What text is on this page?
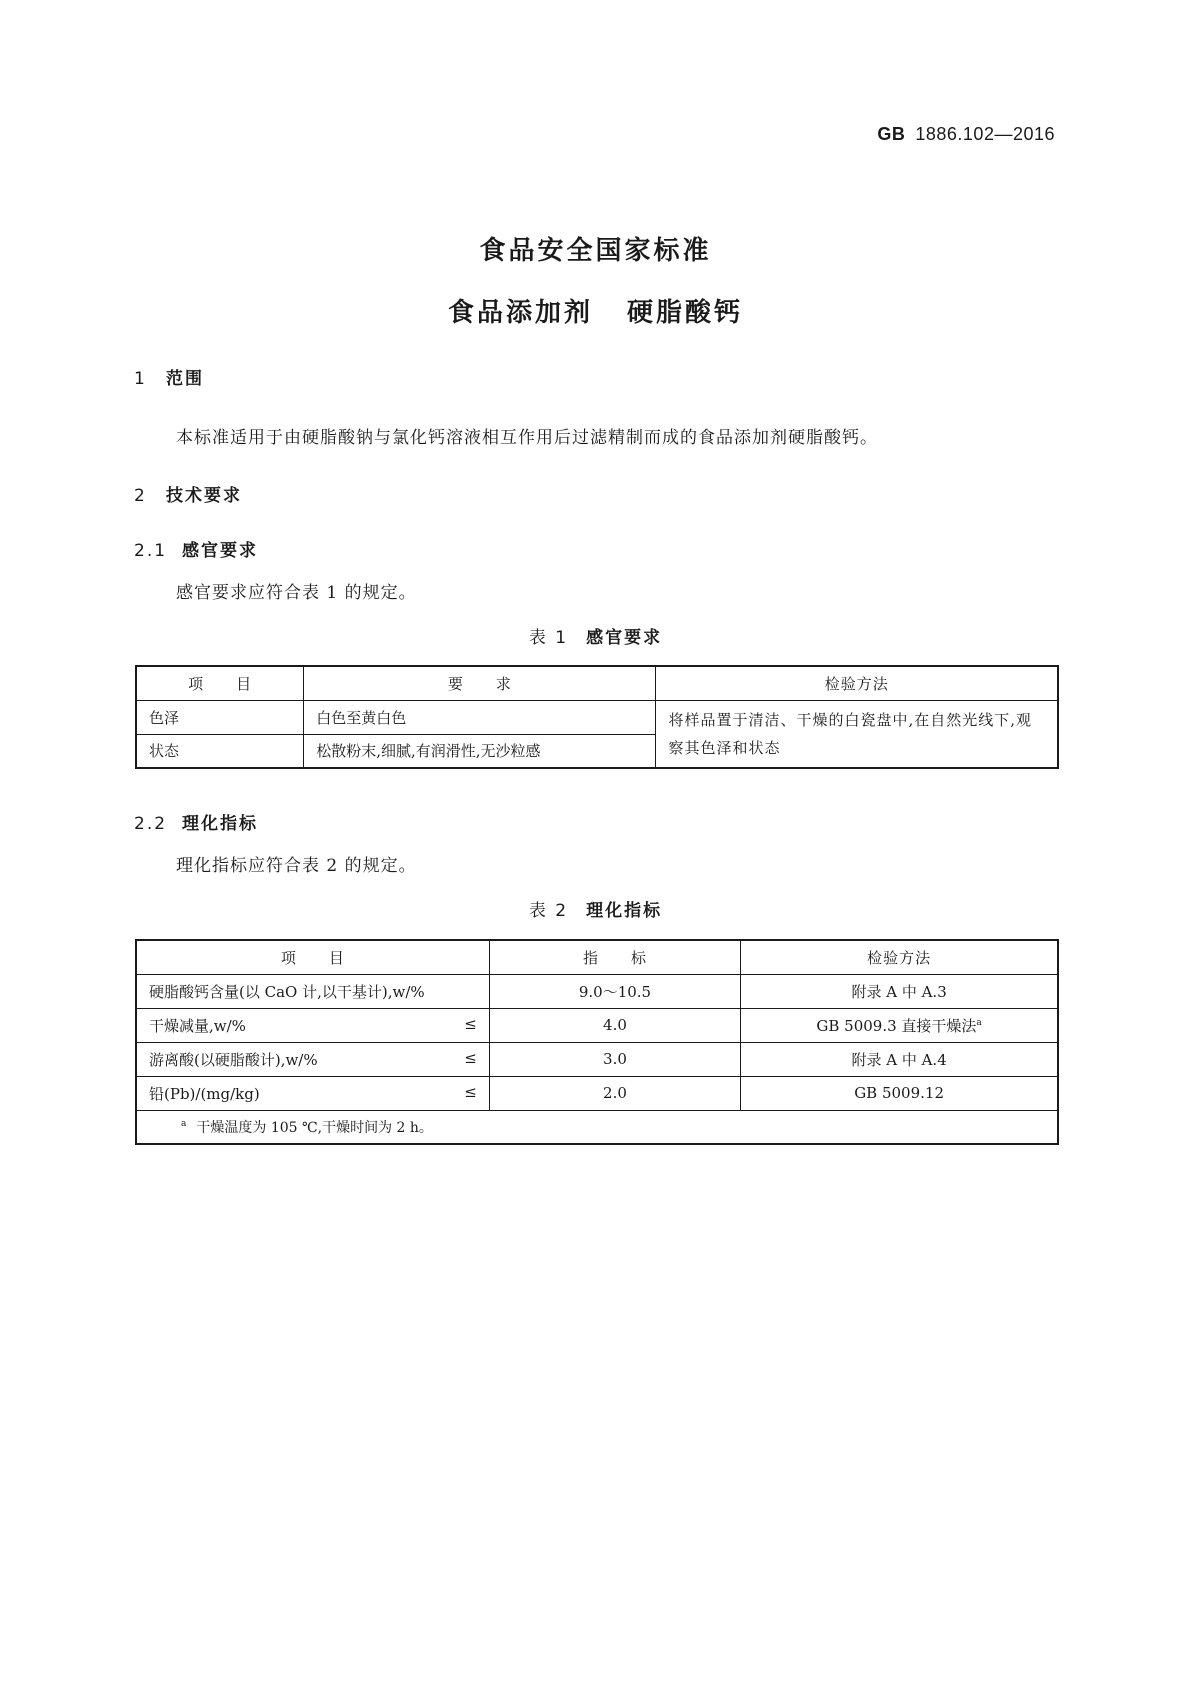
GB 1886.102—2016
食品安全国家标准
食品添加剂 硬脂酸钙
1 范围
本标准适用于由硬脂酸钠与氯化钙溶液相互作用后过滤精制而成的食品添加剂硬脂酸钙。
2 技术要求
2.1 感官要求
感官要求应符合表 1 的规定。
表 1 感官要求
项　　目	要　　求	检验方法
色泽	白色至黄白色	将样品置于清洁、干燥的白瓷盘中,在自然光线下,观察其色泽和状态
状态	松散粉末,细腻,有润滑性,无沙粒感	
2.2 理化指标
理化指标应符合表 2 的规定。
表 2 理化指标
项　　目	指　　标	检验方法
硬脂酸钙含量(以 CaO 计,以干基计),w/%	9.0～10.5	附录 A 中 A.3
干燥减量,w/% ≤	4.0	GB 5009.3 直接干燥法$^a$
游离酸(以硬脂酸计),w/% ≤	3.0	附录 A 中 A.4
铅(Pb)/(mg/kg) ≤	2.0	GB 5009.12
$^a$ 干燥温度为 105 ℃,干燥时间为 2 h。		
